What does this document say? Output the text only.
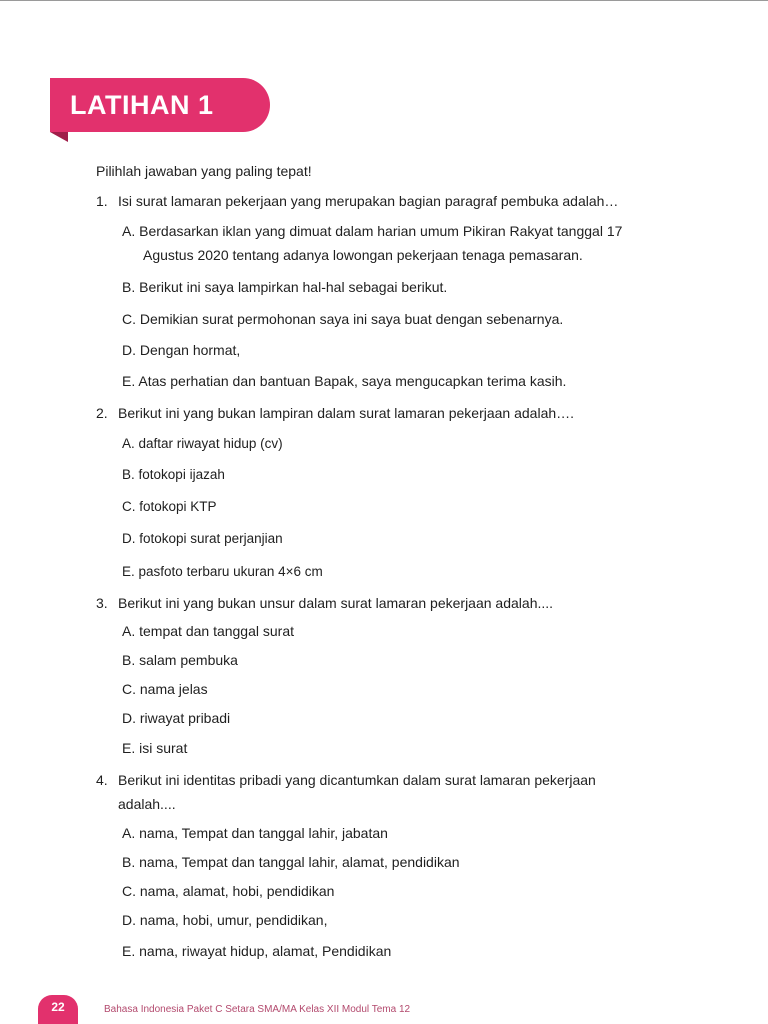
LATIHAN 1
Pilihlah jawaban yang paling tepat!
1. Isi surat lamaran pekerjaan yang merupakan bagian paragraf pembuka adalah…
A. Berdasarkan iklan yang dimuat dalam harian umum Pikiran Rakyat tanggal 17
Agustus 2020 tentang adanya lowongan pekerjaan tenaga pemasaran.
B. Berikut ini saya lampirkan hal-hal sebagai berikut.
C. Demikian surat permohonan saya ini saya buat dengan sebenarnya.
D. Dengan hormat,
E. Atas perhatian dan bantuan Bapak, saya mengucapkan terima kasih.
2. Berikut ini yang bukan lampiran dalam surat lamaran pekerjaan adalah….
A. daftar riwayat hidup (cv)
B. fotokopi ijazah
C. fotokopi KTP
D. fotokopi surat perjanjian
E. pasfoto terbaru ukuran 4×6 cm
3. Berikut ini yang bukan unsur dalam surat lamaran pekerjaan adalah....
A. tempat dan tanggal surat
B. salam pembuka
C. nama jelas
D. riwayat pribadi
E. isi surat
4. Berikut ini identitas pribadi yang dicantumkan dalam surat lamaran pekerjaan
adalah....
A. nama, Tempat dan tanggal lahir, jabatan
B. nama, Tempat dan tanggal lahir, alamat, pendidikan
C. nama, alamat, hobi, pendidikan
D. nama, hobi, umur, pendidikan,
E. nama, riwayat hidup, alamat, Pendidikan
22	Bahasa Indonesia Paket C Setara SMA/MA Kelas XII Modul Tema 12
